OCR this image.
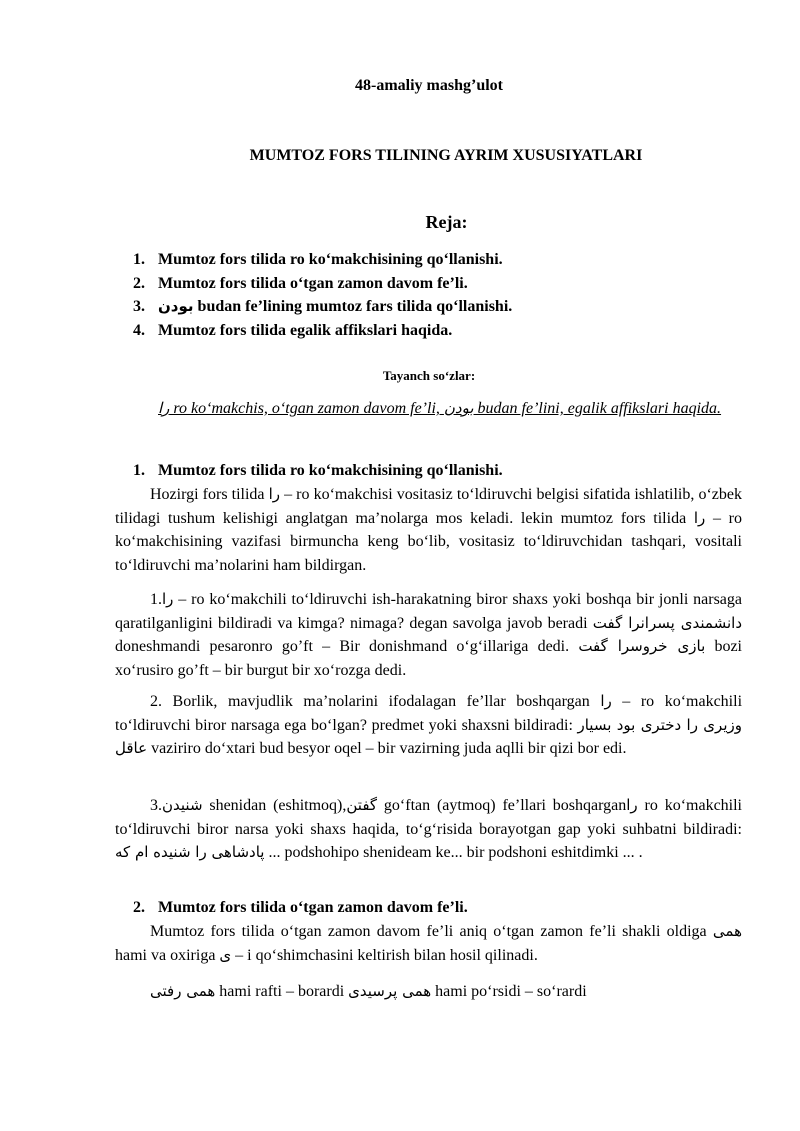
48-amaliy mashg’ulot
MUMTOZ FORS TILINING AYRIM XUSUSIYATLARI
Reja:
1. Mumtoz fors tilida ro ko‘makchisining qo‘llanishi.
2. Mumtoz fors tilida o‘tgan zamon davom fe’li.
3. بودن budan fe’lining mumtoz fars tilida qo‘llanishi.
4. Mumtoz fors tilida egalik affikslari haqida.
Tayanch so‘zlar:
را ro ko‘makchis, o‘tgan zamon davom fe’li, بودن budan fe’lini, egalik affikslari haqida.
1. Mumtoz fors tilida ro ko‘makchisining qo‘llanishi.

Hozirgi fors tilida را – ro ko‘makchisi vositasiz to‘ldiruvchi belgisi sifatida ishlatilib, o‘zbek tilidagi tushum kelishigi anglatgan ma’nolarga mos keladi. lekin mumtoz fors tilida را – ro ko‘makchisining vazifasi birmuncha keng bo‘lib, vositasiz to‘ldiruvchidan tashqari, vositali to‘ldiruvchi ma’nolarini ham bildirgan.

1.را – ro ko‘makchili to‘ldiruvchi ish-harakatning biror shaxs yoki boshqa bir jonli narsaga qaratilganligini bildiradi va kimga? nimaga? degan savolga javob beradi دانشمندی پسرانرا گفت doneshmandi pesaronro go’ft – Bir donishmand o‘g‘illariga dedi. بازی خروسرا گفت bozi xo‘rusiro go’ft – bir burgut bir xo‘rozga dedi.

2. Borlik, mavjudlik ma’nolarini ifodalagan fe’llar boshqargan را – ro ko‘makchili to‘ldiruvchi biror narsaga ega bo‘lgan? predmet yoki shaxsni bildiradi: وزیری را دختری بود بسیار عاقل vaziriro do‘xtari bud besyor oqel – bir vazirning juda aqlli bir qizi bor edi.

3.شنیدن shenidan (eshitmoq),گفتن go‘ftan (aytmoq) fe’llari boshqarganرا ro ko‘makchili to‘ldiruvchi biror narsa yoki shaxs haqida, to‘g‘risida borayotgan gap yoki suhbatni bildiradi: پادشاهی را شنیده ام که ... podshohipo shenideam ke... bir podshoni eshitdimki ... .

2. Mumtoz fors tilida o‘tgan zamon davom fe’li.

Mumtoz fors tilida o‘tgan zamon davom fe’li aniq o‘tgan zamon fe’li shakli oldiga همی hami va oxiriga ی – i qo‘shimchasini keltirish bilan hosil qilinadi.

همی رفتی hami rafti – borardi همی پرسیدی hami po‘rsidi – so‘rardi
